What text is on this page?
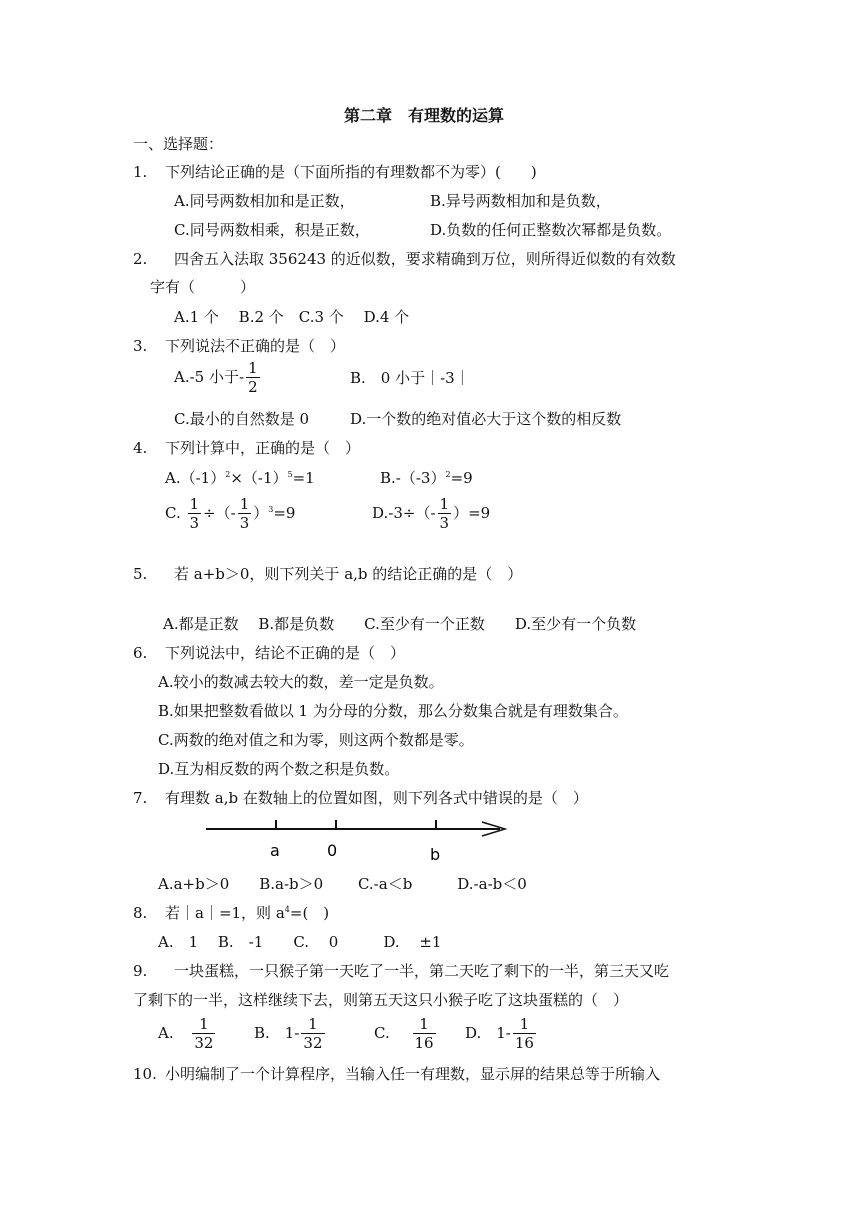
第二章　有理数的运算
一、选择题：
1. 下列结论正确的是（下面所指的有理数都不为零）(　　)
A.同号两数相加和是正数，	B.异号两数相加和是负数，
C.同号两数相乘，积是正数，	D.负数的任何正整数次幂都是负数。
2. 四舍五入法取 356243 的近似数，要求精确到万位，则所得近似数的有效数
字有（　　　）
A.1 个　 B.2 个　C.3 个　 D.4 个
3. 下列说法不正确的是（　）
A.-5 小于- $\frac{1}{2}$	B.　0 小于｜-3｜
C.最小的自然数是 0	D.一个数的绝对值必大于这个数的相反数
4. 下列计算中，正确的是（　）
$A.(-1)^2\times(-1)^5=1$	$B.-(-3)^2=9$
C. $\frac{1}{3}$ ÷（- $\frac{1}{3} )^3=9$	$D.-3\div(- \frac{1}{3} )=9$
5. 若 a+b＞0，则下列关于 a,b 的结论正确的是（　）
A.都是正数　 B.都是负数　　C.至少有一个正数　　D.至少有一个负数
6. 下列说法中，结论不正确的是（　）
A.较小的数减去较大的数，差一定是负数。
B.如果把整数看做以 1 为分母的分数，那么分数集合就是有理数集合。
C.两数的绝对值之和为零，则这两个数都是零。
D.互为相反数的两个数之积是负数。
7. 有理数 a,b 在数轴上的位置如图，则下列各式中错误的是（　）
a	0	b
A.a+b＞0　　B.a-b＞0　　 C.-a＜b　　　D.-a-b＜0
8. 若｜a｜=1，则 $a^4=$(　)
A.　1　 B.　-1　　C.　 0　　　D.　 ±1
9. 一块蛋糕，一只猴子第一天吃了一半，第二天吃了剩下的一半，第三天又吃
了剩下的一半，这样继续下去，则第五天这只小猴子吃了这块蛋糕的（　）
A. $\frac{1}{32}$	B.　$1- \frac{1}{32}$	C. $\frac{1}{16} D$.　$1- \frac{1}{16}$
10. 小明编制了一个计算程序，当输入任一有理数，显示屏的结果总等于所输入
